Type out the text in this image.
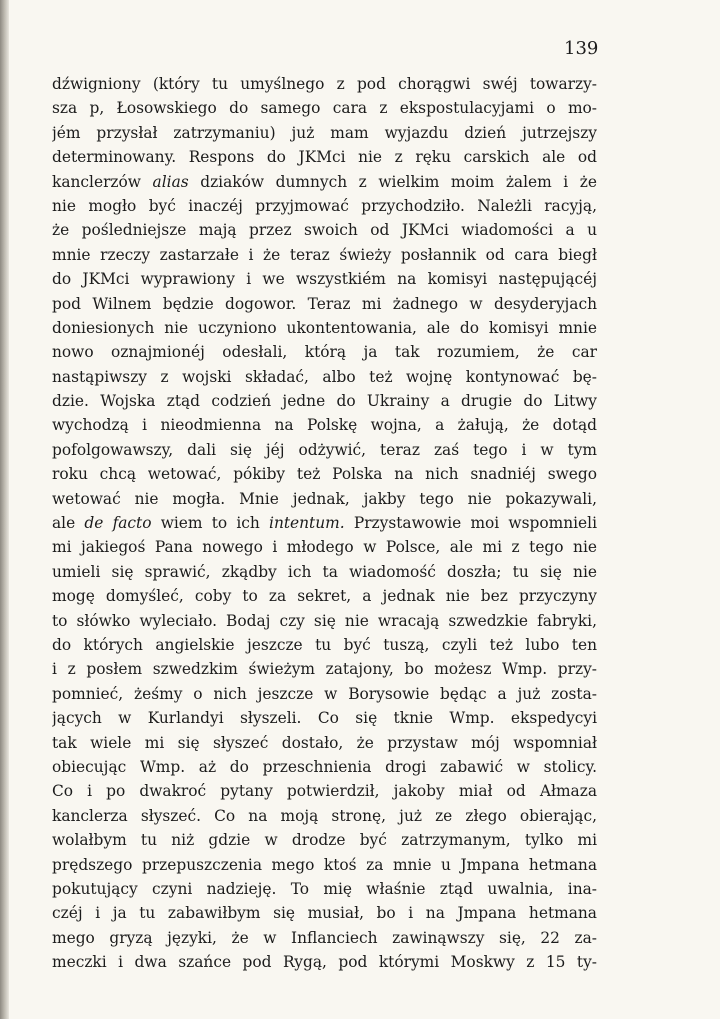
139

dźwigniony (który tu umyślnego z pod chorągwi swéj towarzy-
sza p, Łosowskiego do samego cara z ekspostulacyjami o mo-
jém przysłał zatrzymaniu) już mam wyjazdu dzień jutrzejszy
determinowany. Respons do JKMci nie z ręku carskich ale od
kanclerzów alias dziaków dumnych z wielkim moim żalem i że
nie mogło być inaczéj przyjmować przychodziło. Należli racyją,
że pośledniejsze mają przez swoich od JKMci wiadomości a u
mnie rzeczy zastarzałe i że teraz świeży posłannik od cara biegł
do JKMci wyprawiony i we wszystkiém na komisyi następującéj
pod Wilnem będzie dogowor. Teraz mi żadnego w desyderyjach
doniesionych nie uczyniono ukontentowania, ale do komisyi mnie
nowo oznajmionéj odesłali, którą ja tak rozumiem, że car
nastąpiwszy z wojski składać, albo też wojnę kontynować bę-
dzie. Wojska ztąd codzień jedne do Ukrainy a drugie do Litwy
wychodzą i nieodmienna na Polskę wojna, a żałują, że dotąd
pofolgowawszy, dali się jéj odżywić, teraz zaś tego i w tym
roku chcą wetować, pókiby też Polska na nich snadniéj swego
wetować nie mogła. Mnie jednak, jakby tego nie pokazywali,
ale de facto wiem to ich intentum. Przystawowie moi wspomnieli
mi jakiegoś Pana nowego i młodego w Polsce, ale mi z tego nie
umieli się sprawić, zkądby ich ta wiadomość doszła; tu się nie
mogę domyśleć, coby to za sekret, a jednak nie bez przyczyny
to słówko wyleciało. Bodaj czy się nie wracają szwedzkie fabryki,
do których angielskie jeszcze tu być tuszą, czyli też lubo ten
i z posłem szwedzkim świeżym zatajony, bo możesz Wmp. przy-
pomnieć, żeśmy o nich jeszcze w Borysowie będąc a już zosta-
jących w Kurlandyi słyszeli. Co się tknie Wmp. ekspedycyi
tak wiele mi się słyszeć dostało, że przystaw mój wspomniał
obiecując Wmp. aż do przeschnienia drogi zabawić w stolicy.
Co i po dwakroć pytany potwierdził, jakoby miał od Ałmaza
kanclerza słyszeć. Co na moją stronę, już ze złego obierając,
wolałbym tu niż gdzie w drodze być zatrzymanym, tylko mi
prędszego przepuszczenia mego ktoś za mnie u Jmpana hetmana
pokutujący czyni nadzieję. To mię właśnie ztąd uwalnia, ina-
czéj i ja tu zabawiłbym się musiał, bo i na Jmpana hetmana
mego gryzą języki, że w Inflanciech zawinąwszy się, 22 za-
meczki i dwa szańce pod Rygą, pod którymi Moskwy z 15 ty-
